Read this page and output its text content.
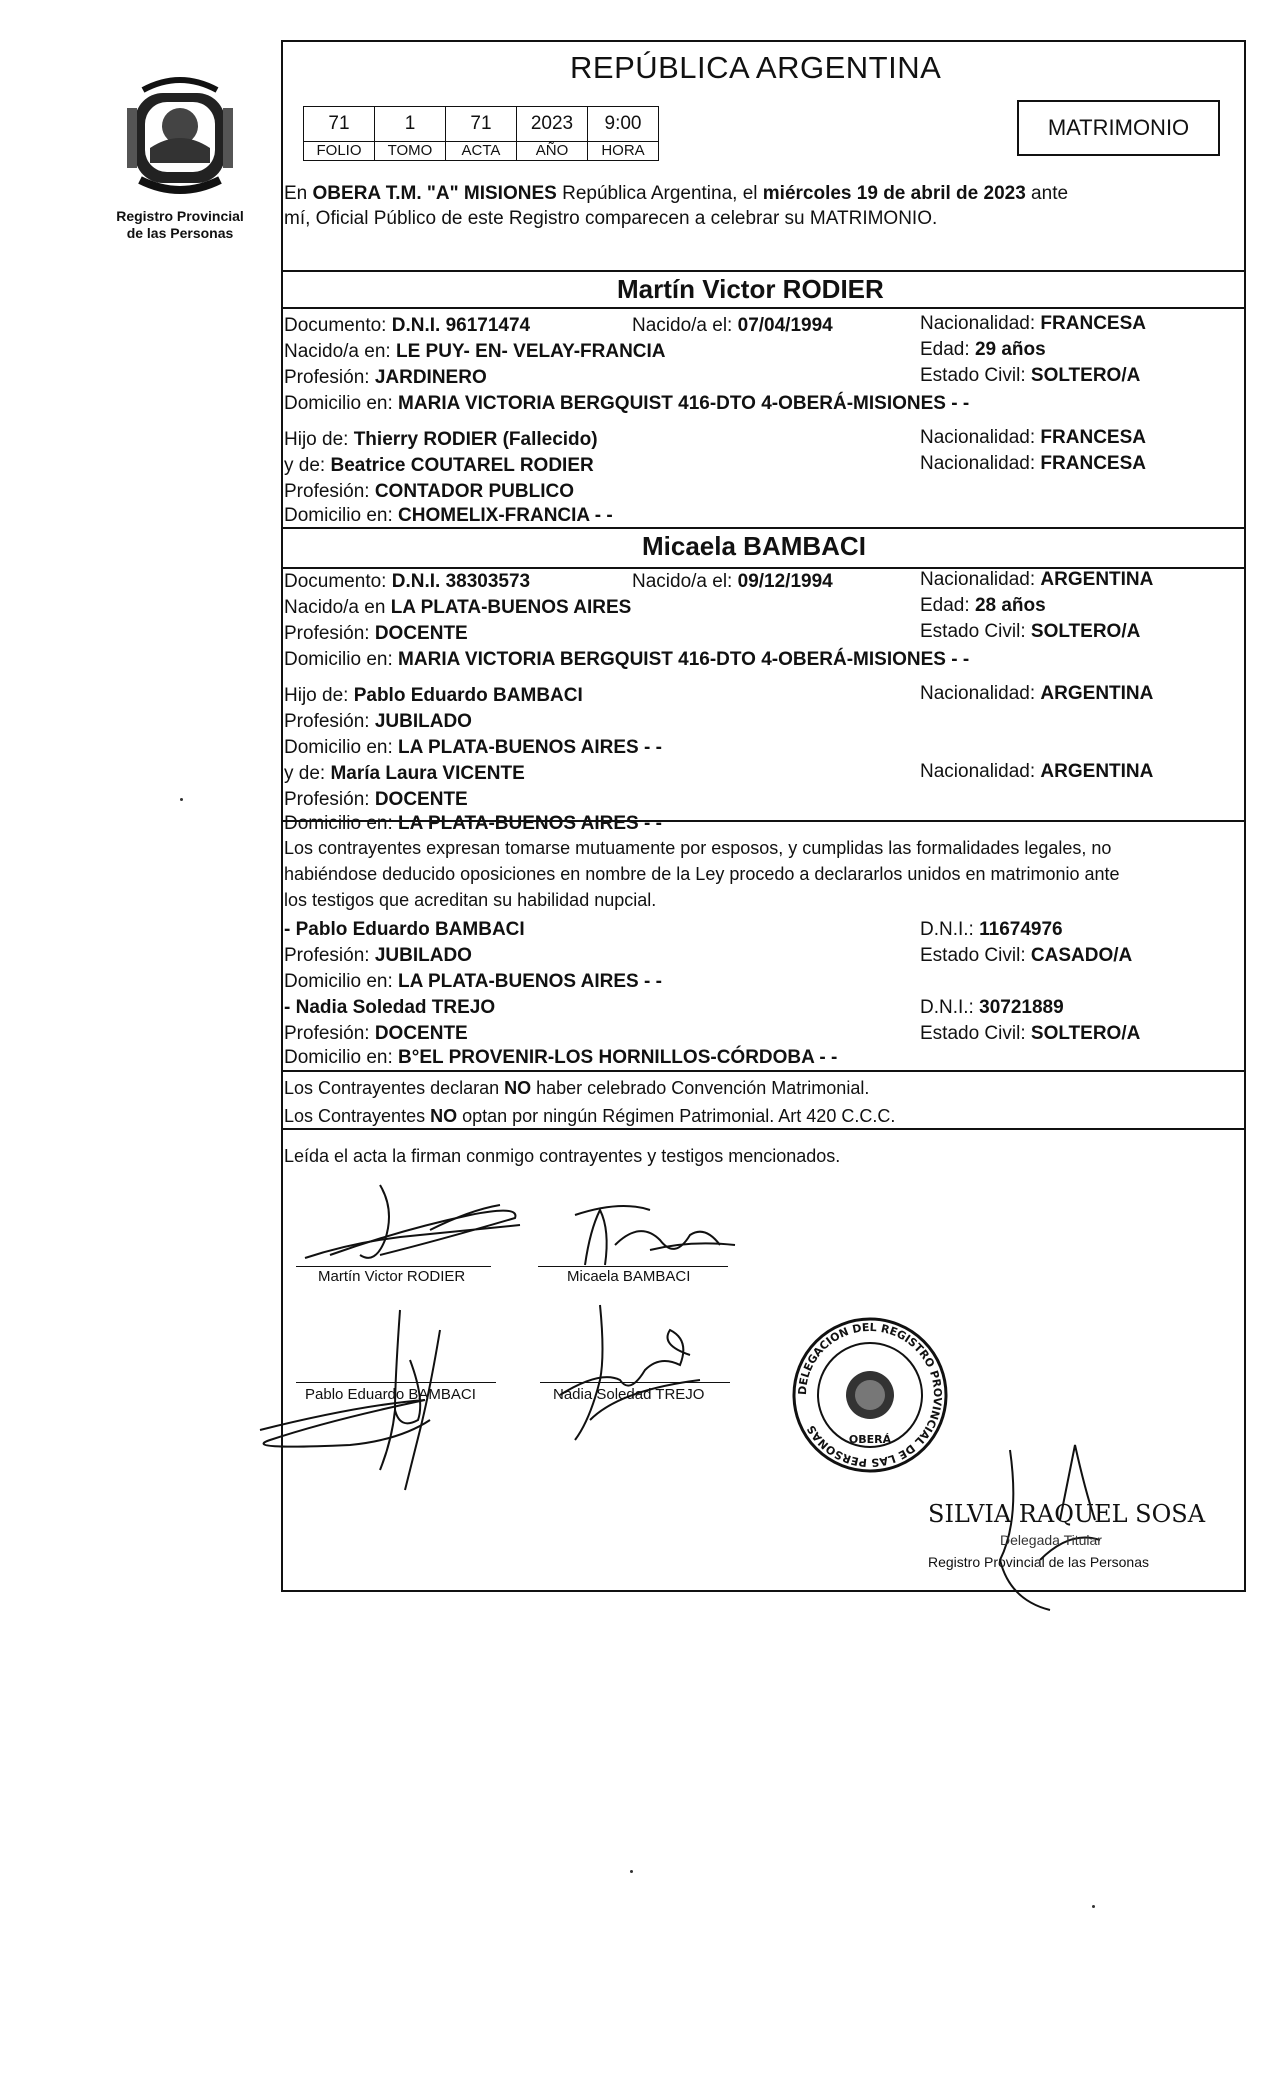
Registro Provincial
de las Personas
REPÚBLICA ARGENTINA
71	1	71	2023	9:00
FOLIO	TOMO	ACTA	AÑO	HORA
MATRIMONIO
En OBERA T.M. "A" MISIONES República Argentina, el miércoles 19 de abril de 2023 ante
mí, Oficial Público de este Registro comparecen a celebrar su MATRIMONIO.
Martín Victor RODIER
Documento: D.N.I. 96171474	Nacido/a el: 07/04/1994	Nacionalidad: FRANCESA
Nacido/a en: LE PUY- EN- VELAY-FRANCIA	Edad: 29 años
Profesión: JARDINERO	Estado Civil: SOLTERO/A
Domicilio en: MARIA VICTORIA BERGQUIST 416-DTO 4-OBERÁ-MISIONES - -
Hijo de: Thierry RODIER (Fallecido)	Nacionalidad: FRANCESA
y de: Beatrice COUTAREL RODIER	Nacionalidad: FRANCESA
Profesión: CONTADOR PUBLICO
Domicilio en: CHOMELIX-FRANCIA - -
Micaela BAMBACI
Documento: D.N.I. 38303573	Nacido/a el: 09/12/1994	Nacionalidad: ARGENTINA
Nacido/a en LA PLATA-BUENOS AIRES	Edad: 28 años
Profesión: DOCENTE	Estado Civil: SOLTERO/A
Domicilio en: MARIA VICTORIA BERGQUIST 416-DTO 4-OBERÁ-MISIONES - -
Hijo de: Pablo Eduardo BAMBACI	Nacionalidad: ARGENTINA
Profesión: JUBILADO
Domicilio en: LA PLATA-BUENOS AIRES - -
y de: María Laura VICENTE	Nacionalidad: ARGENTINA
Profesión: DOCENTE
Domicilio en: LA PLATA-BUENOS AIRES - -
Los contrayentes expresan tomarse mutuamente por esposos, y cumplidas las formalidades legales, no
habiéndose deducido oposiciones en nombre de la Ley procedo a declararlos unidos en matrimonio ante
los testigos que acreditan su habilidad nupcial.
- Pablo Eduardo BAMBACI	D.N.I.: 11674976
Profesión: JUBILADO	Estado Civil: CASADO/A
Domicilio en: LA PLATA-BUENOS AIRES - -
- Nadia Soledad TREJO	D.N.I.: 30721889
Profesión: DOCENTE	Estado Civil: SOLTERO/A
Domicilio en: B°EL PROVENIR-LOS HORNILLOS-CÓRDOBA - -
Los Contrayentes declaran NO haber celebrado Convención Matrimonial.
Los Contrayentes NO optan por ningún Régimen Patrimonial. Art 420 C.C.C.
Leída el acta la firman conmigo contrayentes y testigos mencionados.
Martín Victor RODIER	Micaela BAMBACI
Pablo Eduardo BAMBACI	Nadia Soledad TREJO	DELEGACION DEL REGISTRO PROVINCIAL DE LAS PERSONAS
OBERÁ
SILVIA RAQUEL SOSA
Delegada Titular
Registro Provincial de las Personas
